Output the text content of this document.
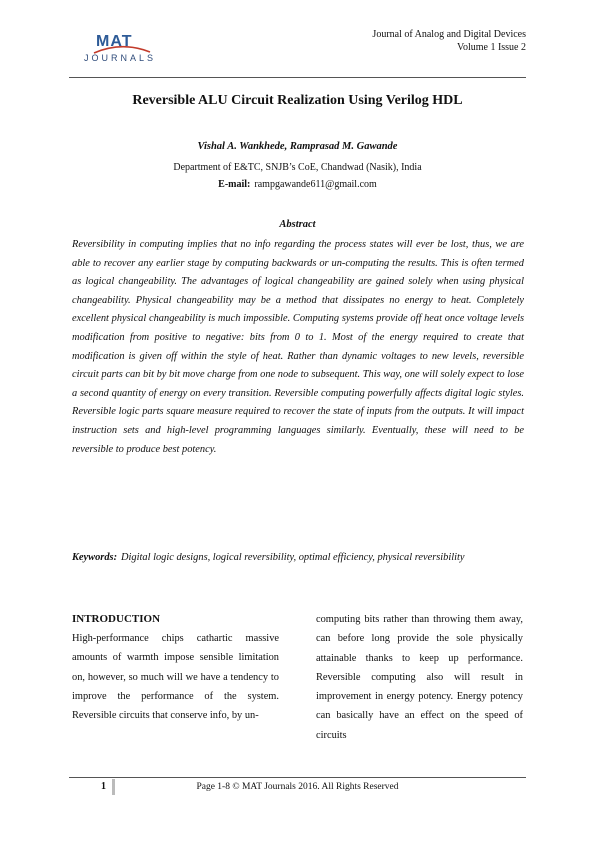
MAT
JOURNALS
Journal of Analog and Digital Devices
Volume 1 Issue 2
Reversible ALU Circuit Realization Using Verilog HDL
Vishal A. Wankhede, Ramprasad M. Gawande
Department of E&TC, SNJB’s CoE, Chandwad (Nasik), India
E-mail: rampgawande611@gmail.com
Abstract

Reversibility in computing implies that no info regarding the process states will ever be lost, thus, we are able to recover any earlier stage by computing backwards or un-computing the results. This is often termed as logical changeability. The advantages of logical changeability are gained solely when using physical changeability. Physical changeability may be a method that dissipates no energy to heat. Completely excellent physical changeability is much impossible. Computing systems provide off heat once voltage levels modification from positive to negative: bits from 0 to 1. Most of the energy required to create that modification is given off within the style of heat. Rather than dynamic voltages to new levels, reversible circuit parts can bit by bit move charge from one node to subsequent. This way, one will solely expect to lose a second quantity of energy on every transition. Reversible computing powerfully affects digital logic styles. Reversible logic parts square measure required to recover the state of inputs from the outputs. It will impact instruction sets and high-level programming languages similarly. Eventually, these will need to be reversible to produce best potency.

Keywords: Digital logic designs, logical reversibility, optimal efficiency, physical reversibility

INTRODUCTION

High-performance chips cathartic massive amounts of warmth impose sensible limitation on, however, so much will we have a tendency to improve the performance of the system. Reversible circuits that conserve info, by un-

computing bits rather than throwing them away, can before long provide the sole physically attainable thanks to keep up performance. Reversible computing also will result in improvement in energy potency. Energy potency can basically have an effect on the speed of circuits

1	Page 1-8 © MAT Journals 2016. All Rights Reserved
